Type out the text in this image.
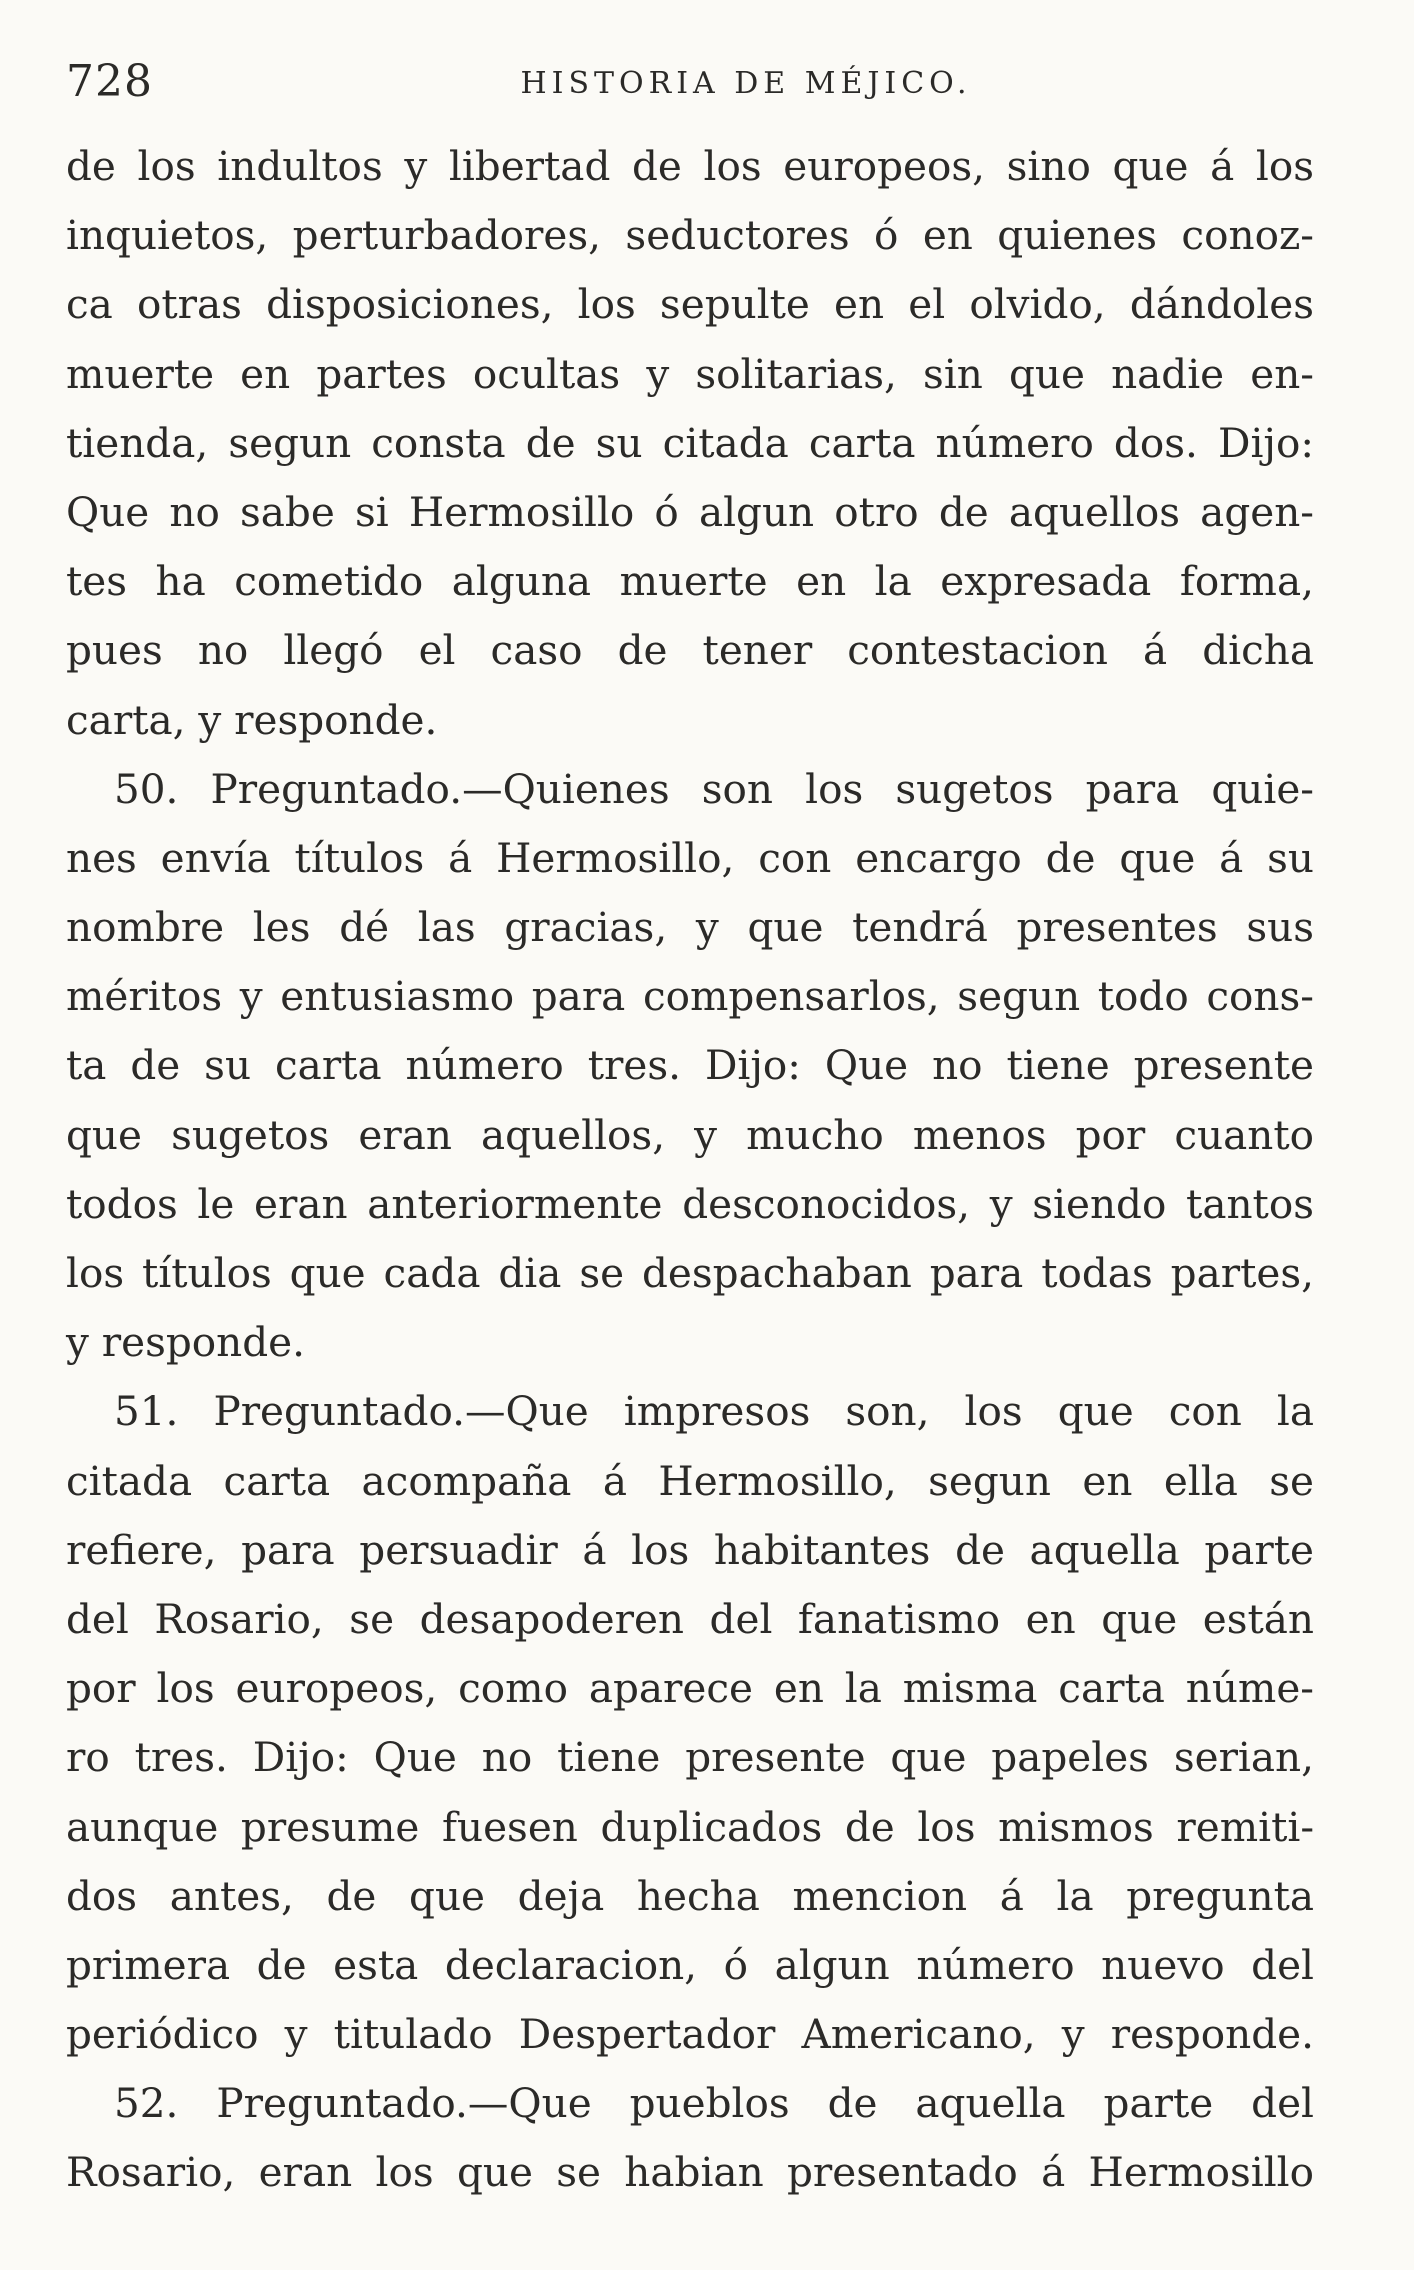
728	HISTORIA DE MÉJICO.
de los indultos y libertad de los europeos, sino que á los
inquietos, perturbadores, seductores ó en quienes conoz-
ca otras disposiciones, los sepulte en el olvido, dándoles
muerte en partes ocultas y solitarias, sin que nadie en-
tienda, segun consta de su citada carta número dos. Dijo:
Que no sabe si Hermosillo ó algun otro de aquellos agen-
tes ha cometido alguna muerte en la expresada forma,
pues no llegó el caso de tener contestacion á dicha
carta, y responde.
50. Preguntado.—Quienes son los sugetos para quie-
nes envía títulos á Hermosillo, con encargo de que á su
nombre les dé las gracias, y que tendrá presentes sus
méritos y entusiasmo para compensarlos, segun todo cons-
ta de su carta número tres. Dijo: Que no tiene presente
que sugetos eran aquellos, y mucho menos por cuanto
todos le eran anteriormente desconocidos, y siendo tantos
los títulos que cada dia se despachaban para todas partes,
y responde.
51. Preguntado.—Que impresos son, los que con la
citada carta acompaña á Hermosillo, segun en ella se
refiere, para persuadir á los habitantes de aquella parte
del Rosario, se desapoderen del fanatismo en que están
por los europeos, como aparece en la misma carta núme-
ro tres. Dijo: Que no tiene presente que papeles serian,
aunque presume fuesen duplicados de los mismos remiti-
dos antes, de que deja hecha mencion á la pregunta
primera de esta declaracion, ó algun número nuevo del
periódico y titulado Despertador Americano, y responde.
52. Preguntado.—Que pueblos de aquella parte del
Rosario, eran los que se habian presentado á Hermosillo
